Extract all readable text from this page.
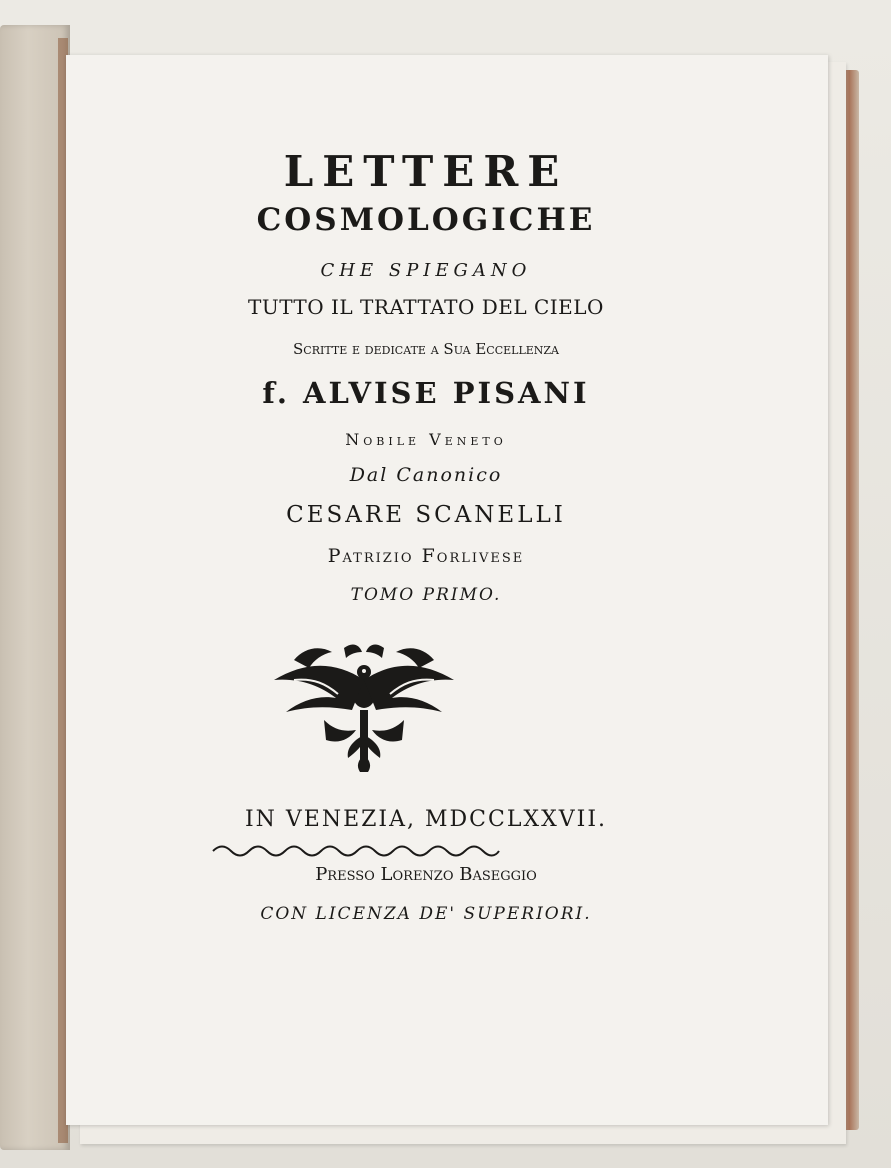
LETTERE
COSMOLOGICHE
CHE SPIEGANO
TUTTO IL TRATTATO DEL CIELO
Scritte e dedicate a Sua Eccellenza
f. ALVISE PISANI
Nobile Veneto
Dal Canonico
CESARE SCANELLI
Patrizio Forlivese
TOMO PRIMO.
IN VENEZIA, MDCCLXXVII.
Presso Lorenzo Baseggio
CON LICENZA DE' SUPERIORI.
